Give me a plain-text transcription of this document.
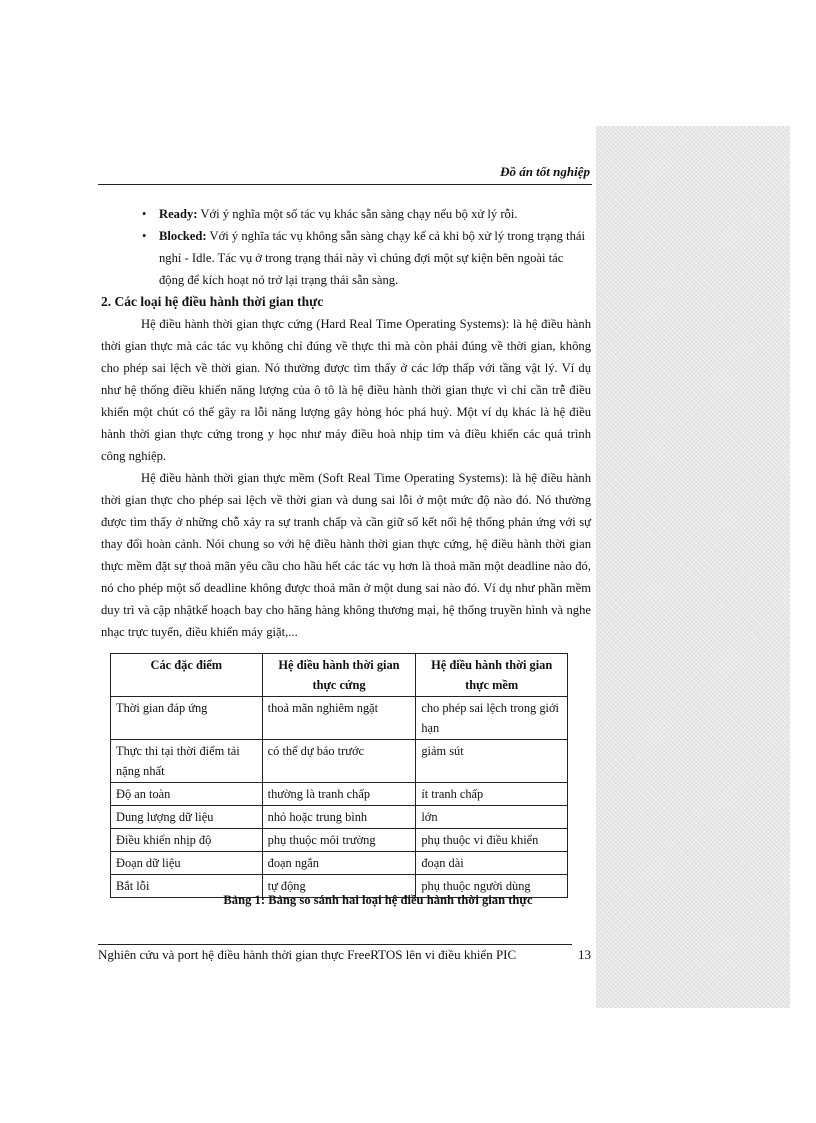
Đồ án tốt nghiệp
• Ready: Với ý nghĩa một số tác vụ khác sẵn sàng chạy nếu bộ xử lý rỗi.
• Blocked: Với ý nghĩa tác vụ không sẵn sàng chạy kể cả khi bộ xử lý trong trạng thái nghỉ - Idle. Tác vụ ở trong trạng thái này vì chúng đợi một sự kiện bên ngoài tác động để kích hoạt nó trở lại trạng thái sẵn sàng.
2. Các loại hệ điều hành thời gian thực

Hệ điều hành thời gian thực cứng (Hard Real Time Operating Systems): là hệ điều hành thời gian thực mà các tác vụ không chỉ đúng về thực thi mà còn phải đúng về thời gian, không cho phép sai lệch về thời gian. Nó thường được tìm thấy ở các lớp thấp với tầng vật lý. Ví dụ như hệ thống điều khiển năng lượng của ô tô là hệ điều hành thời gian thực vì chỉ cần trễ điều khiển một chút có thể gây ra lỗi năng lượng gây hỏng hóc phá huỷ. Một ví dụ khác là hệ điều hành thời gian thực cứng trong y học như máy điều hoà nhịp tim và điều khiển các quá trình công nghiệp.

Hệ điều hành thời gian thực mềm (Soft Real Time Operating Systems): là hệ điều hành thời gian thực cho phép sai lệch về thời gian và dung sai lỗi ở một mức độ nào đó. Nó thường được tìm thấy ở những chỗ xảy ra sự tranh chấp và cần giữ số kết nối hệ thống phản ứng với sự thay đổi hoàn cảnh. Nói chung so với hệ điều hành thời gian thực cứng, hệ điều hành thời gian thực mềm đặt sự thoả mãn yêu cầu cho hầu hết các tác vụ hơn là thoả mãn một deadline nào đó, nó cho phép một số deadline không được thoả mãn ở một dung sai nào đó. Ví dụ như phần mềm duy trì và cập nhậtkế hoạch bay cho hãng hàng không thương mại, hệ thống truyền hình và nghe nhạc trực tuyến, điều khiển máy giặt,...

Các đặc điểm	Hệ điều hành thời gian thực cứng	Hệ điều hành thời gian thực mềm
Thời gian đáp ứng	thoả mãn nghiêm ngặt	cho phép sai lệch trong giới hạn
Thực thi tại thời điểm tải nặng nhất	có thể dự báo trước	giảm sút
Độ an toàn	thường là tranh chấp	ít tranh chấp
Dung lượng dữ liệu	nhỏ hoặc trung bình	lớn
Điều khiển nhịp độ	phụ thuộc môi trường	phụ thuộc vi điều khiển
Đoạn dữ liệu	đoạn ngắn	đoạn dài
Bắt lỗi	tự động	phụ thuộc người dùng
Bảng 1: Bảng so sánh hai loại hệ điều hành thời gian thực
Nghiên cứu và port hệ điều hành thời gian thực FreeRTOS lên vi điều khiển PIC	13
